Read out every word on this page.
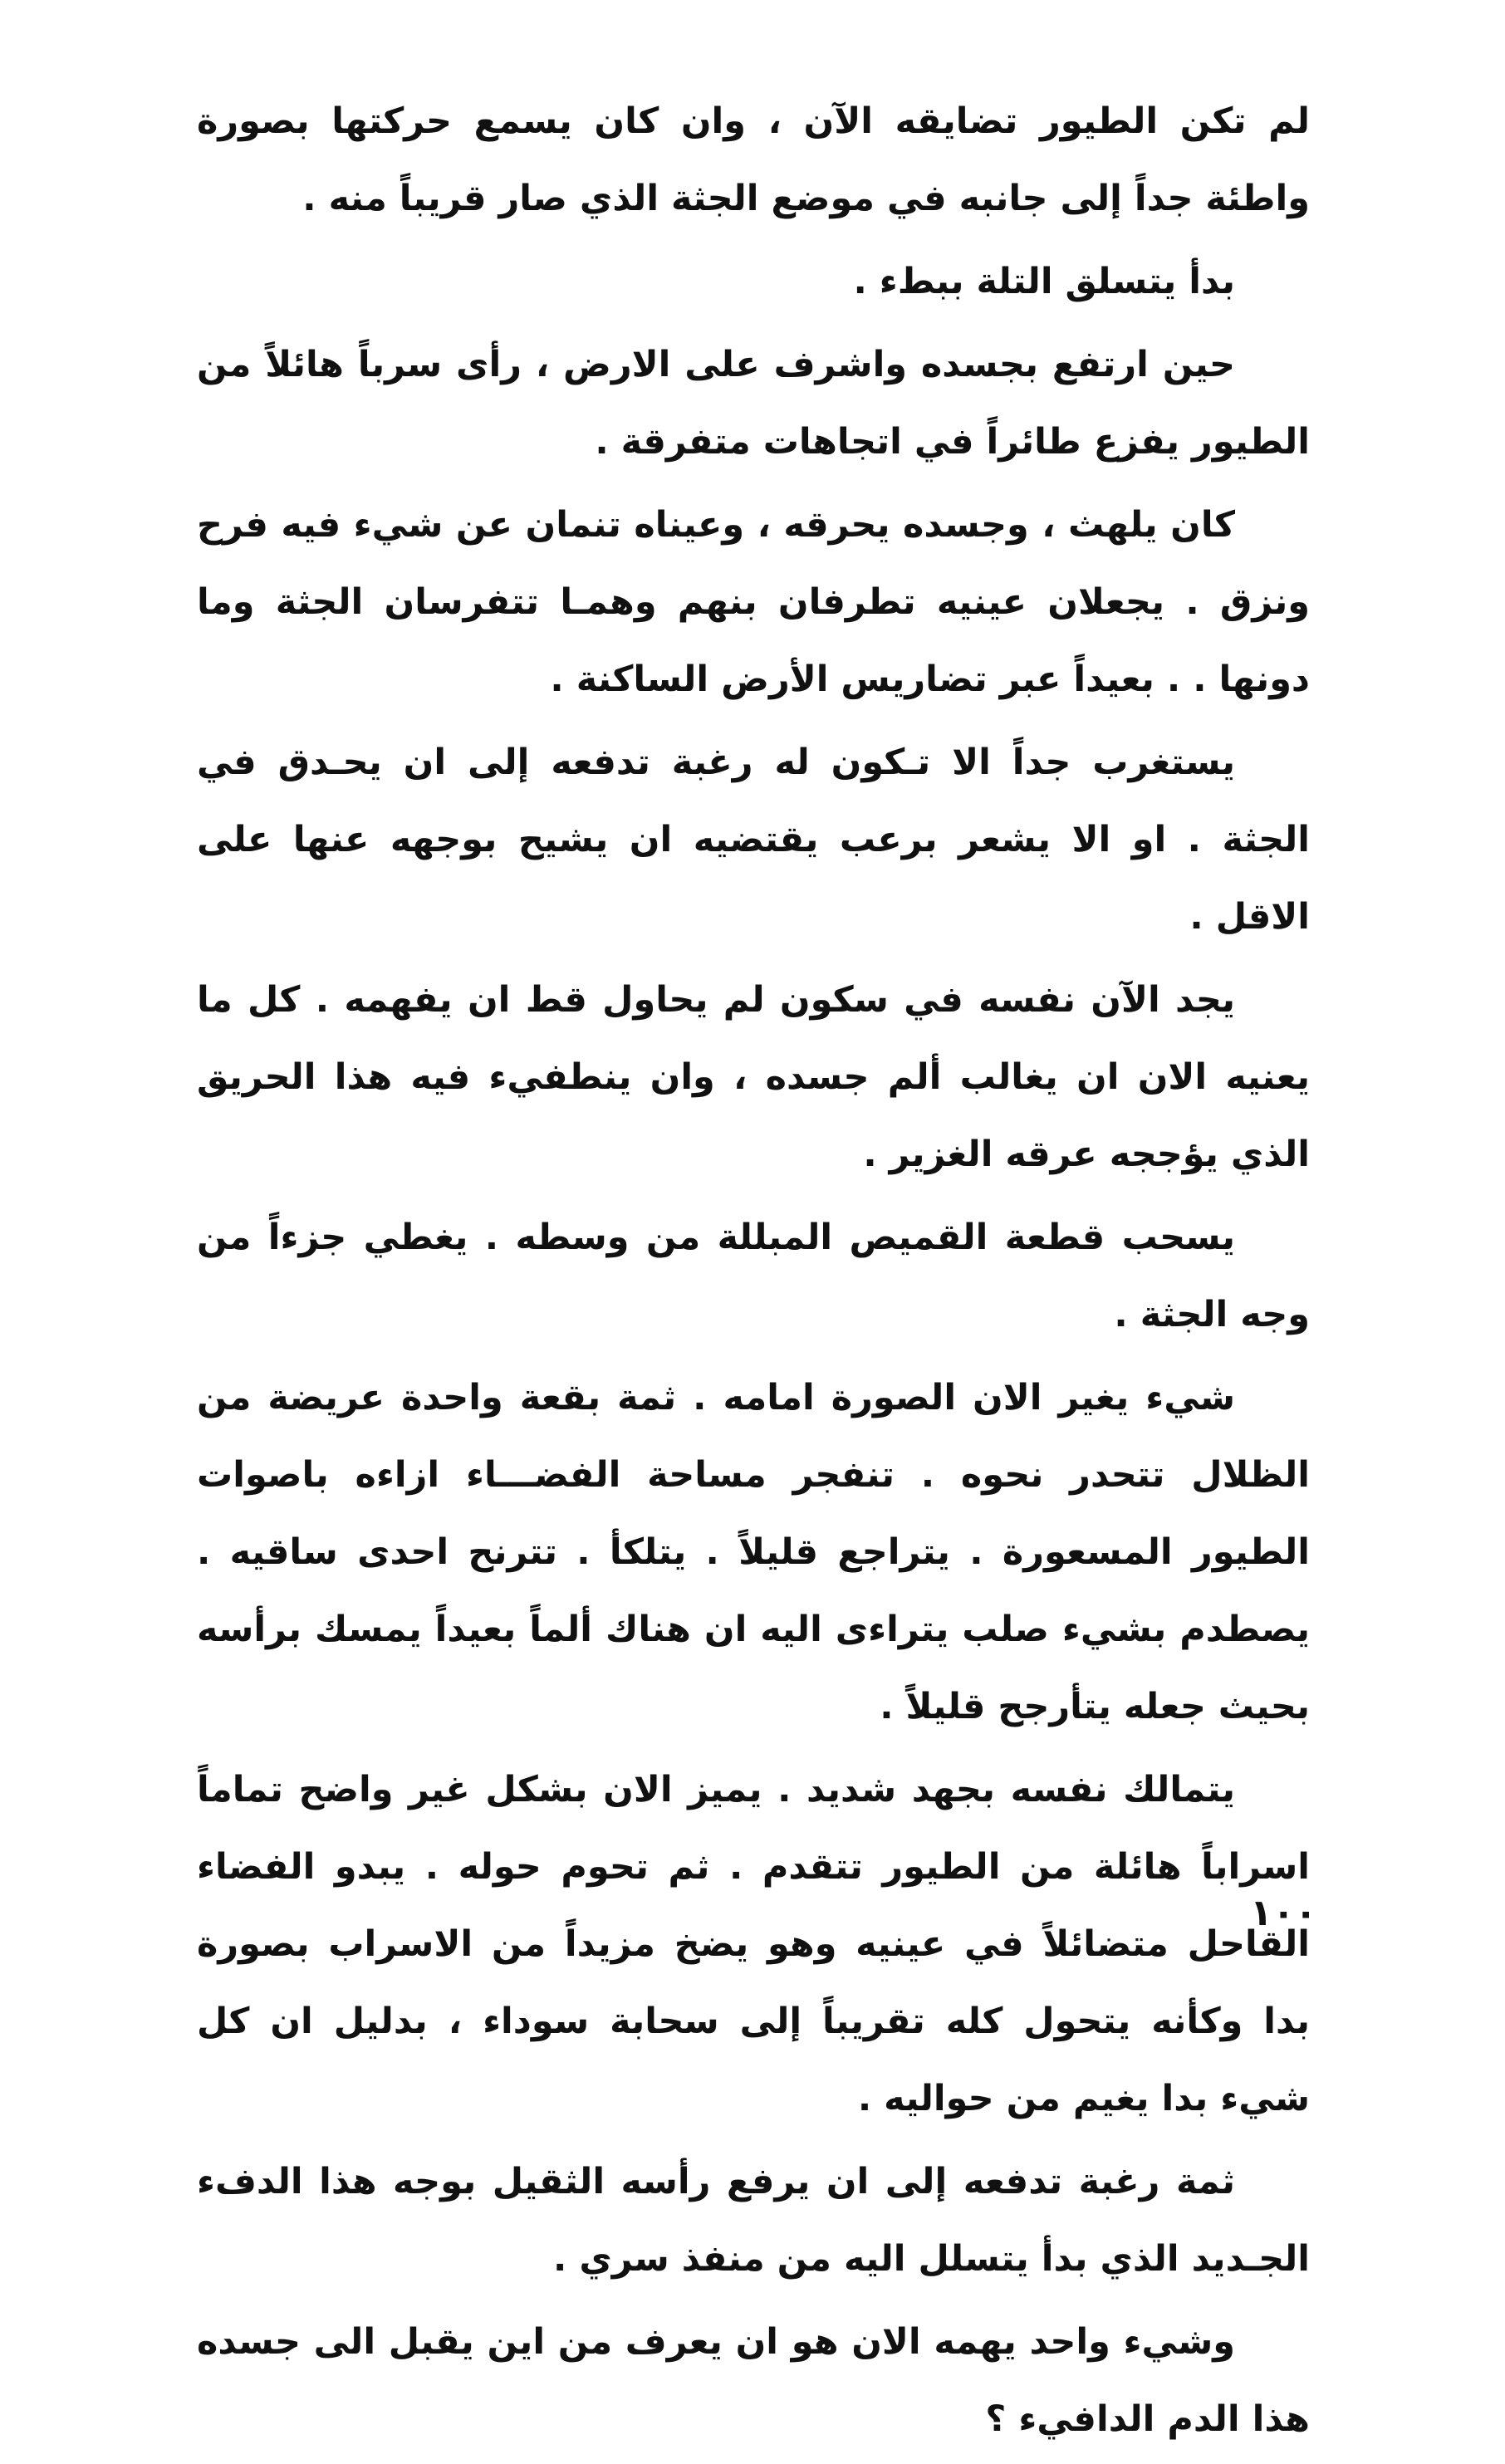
لم تكن الطيور تضايقه الآن ، وان كان يسمع حركتها بصورة واطئة جداً إلى جانبه في موضع الجثة الذي صار قريباً منه .

بدأ يتسلق التلة ببطء .

حين ارتفع بجسده واشرف على الارض ، رأى سرباً هائلاً من الطيور يفزع طائراً في اتجاهات متفرقة .

كان يلهث ، وجسده يحرقه ، وعيناه تنمان عن شيء فيه فرح ونزق . يجعلان عينيه تطرفان بنهم وهمـا تتفرسان الجثة وما دونها . . بعيداً عبر تضاريس الأرض الساكنة .

يستغرب جداً الا تـكون له رغبة تدفعه إلى ان يحـدق في الجثة . او الا يشعر برعب يقتضيه ان يشيح بوجهه عنها على الاقل .

يجد الآن نفسه في سكون لم يحاول قط ان يفهمه . كل ما يعنيه الان ان يغالب ألم جسده ، وان ينطفيء فيه هذا الحريق الذي يؤججه عرقه الغزير .

يسحب قطعة القميص المبللة من وسطه . يغطي جزءاً من وجه الجثة .

شيء يغير الان الصورة امامه . ثمة بقعة واحدة عريضة من الظلال تتحدر نحوه . تنفجر مساحة الفضـــاء ازاءه باصوات الطيور المسعورة . يتراجع قليلاً . يتلكأ . تترنح احدى ساقيه . يصطدم بشيء صلب يتراءى اليه ان هناك ألماً بعيداً يمسك برأسه بحيث جعله يتأرجح قليلاً .

يتمالك نفسه بجهد شديد . يميز الان بشكل غير واضح تماماً اسراباً هائلة من الطيور تتقدم . ثم تحوم حوله . يبدو الفضاء القاحل متضائلاً في عينيه وهو يضخ مزيداً من الاسراب بصورة بدا وكأنه يتحول كله تقريباً إلى سحابة سوداء ، بدليل ان كل شيء بدا يغيم من حواليه .

ثمة رغبة تدفعه إلى ان يرفع رأسه الثقيل بوجه هذا الدفء الجـديد الذي بدأ يتسلل اليه من منفذ سري .

وشيء واحد يهمه الان هو ان يعرف من اين يقبل الى جسده هذا الدم الدافيء ؟

١٠٠
